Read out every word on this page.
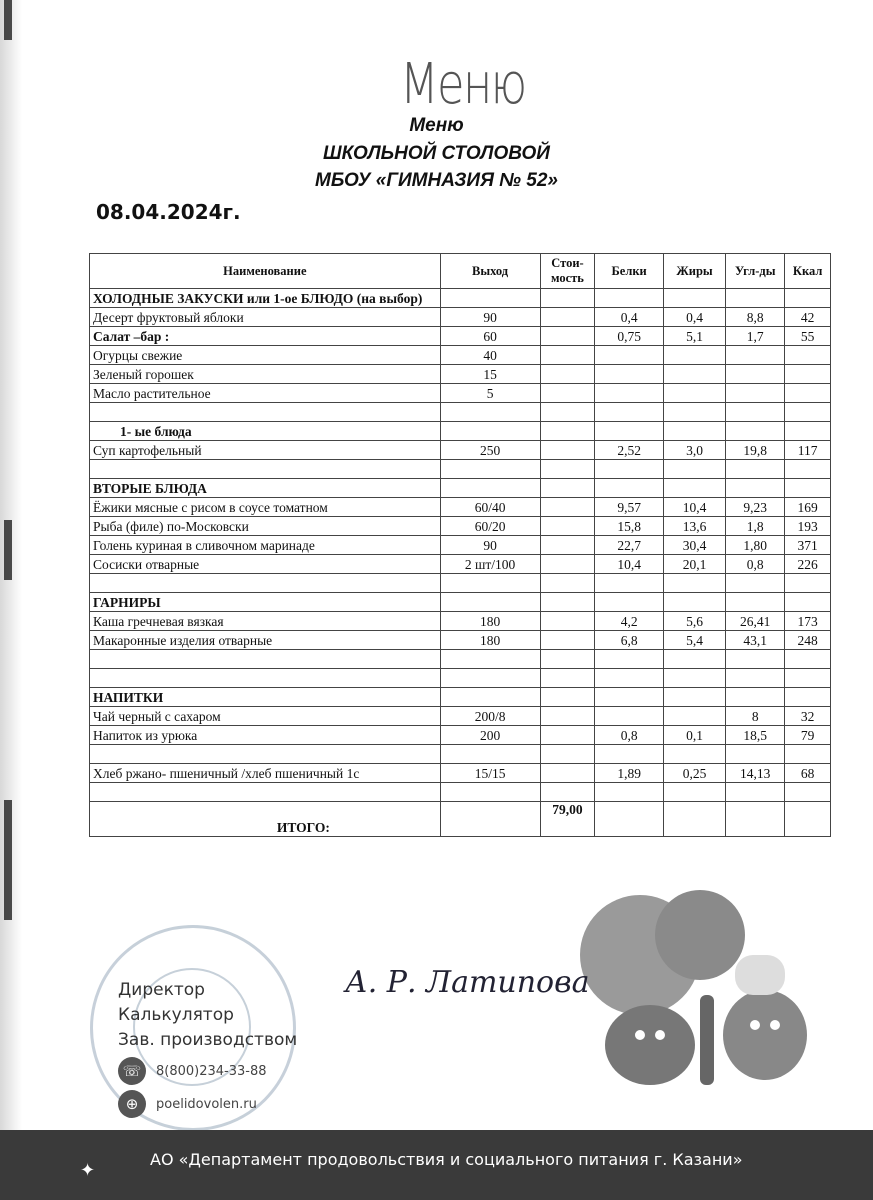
Меню
Меню
ШКОЛЬНОЙ СТОЛОВОЙ
МБОУ «ГИМНАЗИЯ № 52»
08.04.2024г.
Наименование	Выход	Стои-мость	Белки	Жиры	Угл-ды	Ккал
ХОЛОДНЫЕ ЗАКУСКИ или 1-ое БЛЮДО (на выбор)						
Десерт фруктовый яблоки	90		0,4	0,4	8,8	42
Салат –бар :	60		0,75	5,1	1,7	55
Огурцы свежие	40					
Зеленый горошек	15					
Масло растительное	5					

1- ые блюда						
Суп картофельный	250		2,52	3,0	19,8	117

ВТОРЫЕ БЛЮДА						
Ёжики мясные с рисом в соусе томатном	60/40		9,57	10,4	9,23	169
Рыба (филе) по-Московски	60/20		15,8	13,6	1,8	193
Голень куриная в сливочном маринаде	90		22,7	30,4	1,80	371
Сосиски отварные	2 шт/100		10,4	20,1	0,8	226

ГАРНИРЫ						
Каша гречневая вязкая	180		4,2	5,6	26,41	173
Макаронные изделия отварные	180		6,8	5,4	43,1	248

НАПИТКИ						
Чай черный с сахаром	200/8				8	32
Напиток из урюка	200		0,8	0,1	18,5	79

Хлеб ржано- пшеничный /хлеб пшеничный 1с	15/15		1,89	0,25	14,13	68

ИТОГО:		79,00				
Директор
Калькулятор
Зав. производством
А. Р. Латипова
☏	8(800)234-33-88
⊕	poelidovolen.ru
✦
АО «Департамент продовольствия и социального питания г. Казани»
